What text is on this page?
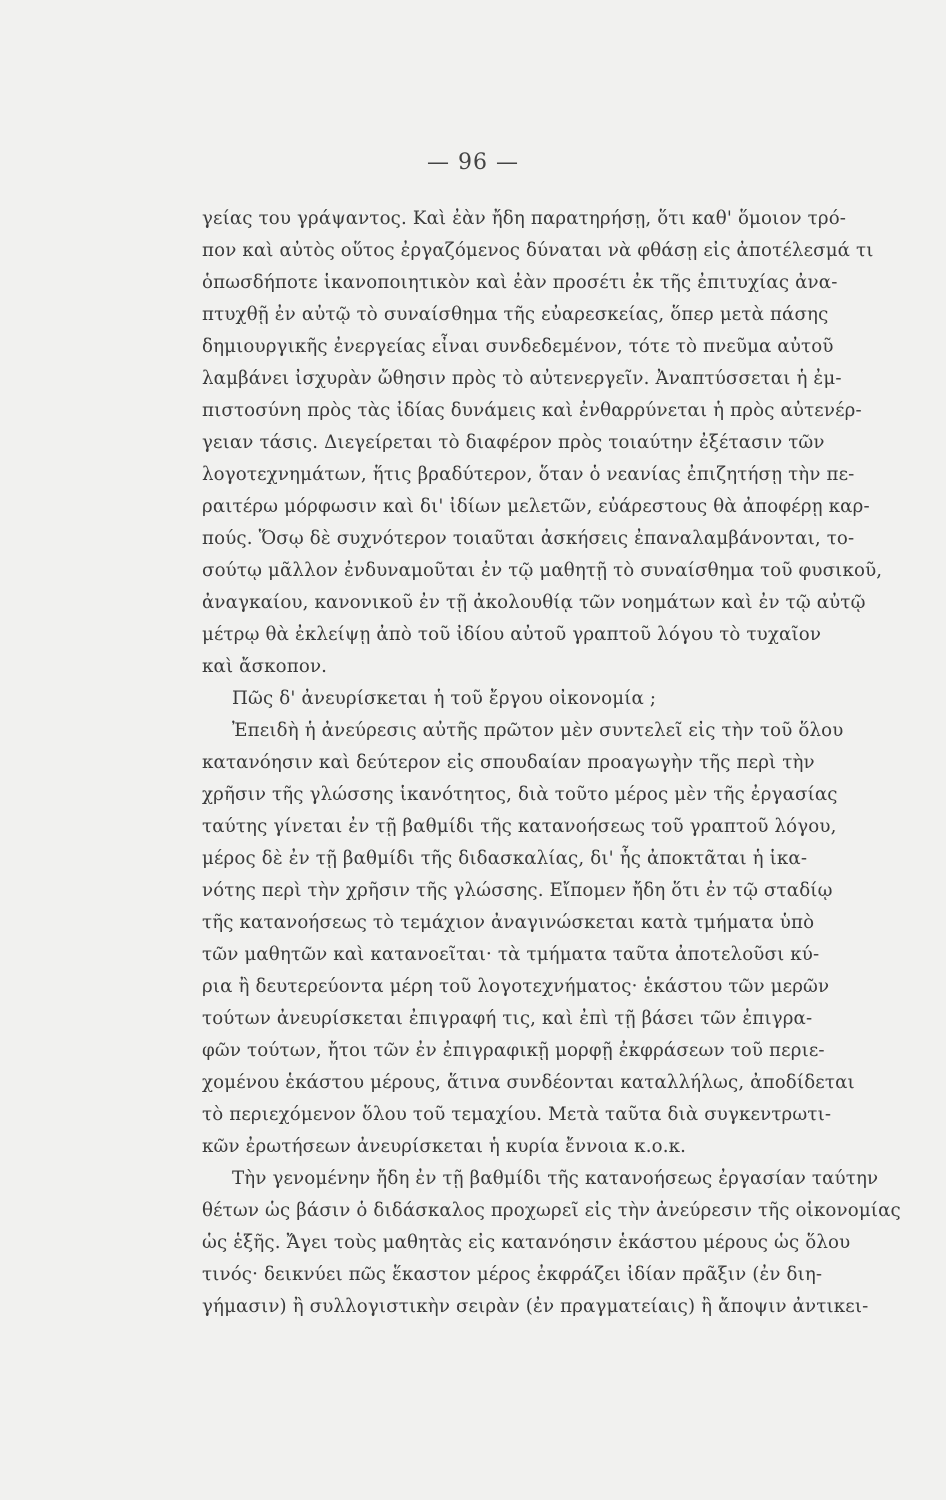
— 96 —
γείας του γράψαντος. Καὶ ἐὰν ἤδη παρατηρήσῃ, ὅτι καθ' ὅμοιον τρό-
πον καὶ αὐτὸς οὕτος ἐργαζόμενος δύναται νὰ φθάσῃ εἰς ἀποτέλεσμά τι
ὁπωσδήποτε ἱκανοποιητικὸν καὶ ἐὰν προσέτι ἐκ τῆς ἐπιτυχίας ἀνα-
πτυχθῇ ἐν αὐτῷ τὸ συναίσθημα τῆς εὐαρεσκείας, ὅπερ μετὰ πάσης
δημιουργικῆς ἐνεργείας εἶναι συνδεδεμένον, τότε τὸ πνεῦμα αὐτοῦ
λαμβάνει ἰσχυρὰν ὤθησιν πρὸς τὸ αὐτενεργεῖν. Ἀναπτύσσεται ἡ ἐμ-
πιστοσύνη πρὸς τὰς ἰδίας δυνάμεις καὶ ἐνθαρρύνεται ἡ πρὸς αὐτενέρ-
γειαν τάσις. Διεγείρεται τὸ διαφέρον πρὸς τοιαύτην ἐξέτασιν τῶν
λογοτεχνημάτων, ἥτις βραδύτερον, ὅταν ὁ νεανίας ἐπιζητήσῃ τὴν πε-
ραιτέρω μόρφωσιν καὶ δι' ἰδίων μελετῶν, εὐάρεστους θὰ ἀποφέρῃ καρ-
πούς. Ὅσῳ δὲ συχνότερον τοιαῦται ἀσκήσεις ἐπαναλαμβάνονται, το-
σούτῳ μᾶλλον ἐνδυναμοῦται ἐν τῷ μαθητῇ τὸ συναίσθημα τοῦ φυσικοῦ,
ἀναγκαίου, κανονικοῦ ἐν τῇ ἀκολουθίᾳ τῶν νοημάτων καὶ ἐν τῷ αὐτῷ
μέτρῳ θὰ ἐκλείψῃ ἀπὸ τοῦ ἰδίου αὐτοῦ γραπτοῦ λόγου τὸ τυχαῖον
καὶ ἄσκοπον.
Πῶς δ' ἀνευρίσκεται ἡ τοῦ ἔργου οἰκονομία ;
Ἐπειδὴ ἡ ἀνεύρεσις αὐτῆς πρῶτον μὲν συντελεῖ εἰς τὴν τοῦ ὅλου
κατανόησιν καὶ δεύτερον εἰς σπουδαίαν προαγωγὴν τῆς περὶ τὴν
χρῆσιν τῆς γλώσσης ἱκανότητος, διὰ τοῦτο μέρος μὲν τῆς ἐργασίας
ταύτης γίνεται ἐν τῇ βαθμίδι τῆς κατανοήσεως τοῦ γραπτοῦ λόγου,
μέρος δὲ ἐν τῇ βαθμίδι τῆς διδασκαλίας, δι' ἧς ἀποκτᾶται ἡ ἱκα-
νότης περὶ τὴν χρῆσιν τῆς γλώσσης. Εἴπομεν ἤδη ὅτι ἐν τῷ σταδίῳ
τῆς κατανοήσεως τὸ τεμάχιον ἀναγινώσκεται κατὰ τμήματα ὑπὸ
τῶν μαθητῶν καὶ κατανοεῖται· τὰ τμήματα ταῦτα ἀποτελοῦσι κύ-
ρια ἢ δευτερεύοντα μέρη τοῦ λογοτεχνήματος· ἑκάστου τῶν μερῶν
τούτων ἀνευρίσκεται ἐπιγραφή τις, καὶ ἐπὶ τῇ βάσει τῶν ἐπιγρα-
φῶν τούτων, ἤτοι τῶν ἐν ἐπιγραφικῇ μορφῇ ἐκφράσεων τοῦ περιε-
χομένου ἑκάστου μέρους, ἅτινα συνδέονται καταλλήλως, ἀποδίδεται
τὸ περιεχόμενον ὅλου τοῦ τεμαχίου. Μετὰ ταῦτα διὰ συγκεντρωτι-
κῶν ἐρωτήσεων ἀνευρίσκεται ἡ κυρία ἔννοια κ.ο.κ.
Τὴν γενομένην ἤδη ἐν τῇ βαθμίδι τῆς κατανοήσεως ἐργασίαν ταύτην
θέτων ὡς βάσιν ὁ διδάσκαλος προχωρεῖ εἰς τὴν ἀνεύρεσιν τῆς οἰκονομίας
ὡς ἑξῆς. Ἄγει τοὺς μαθητὰς εἰς κατανόησιν ἑκάστου μέρους ὡς ὅλου
τινός· δεικνύει πῶς ἕκαστον μέρος ἐκφράζει ἰδίαν πρᾶξιν (ἐν διη-
γήμασιν) ἢ συλλογιστικὴν σειρὰν (ἐν πραγματείαις) ἢ ἄποψιν ἀντικει-
